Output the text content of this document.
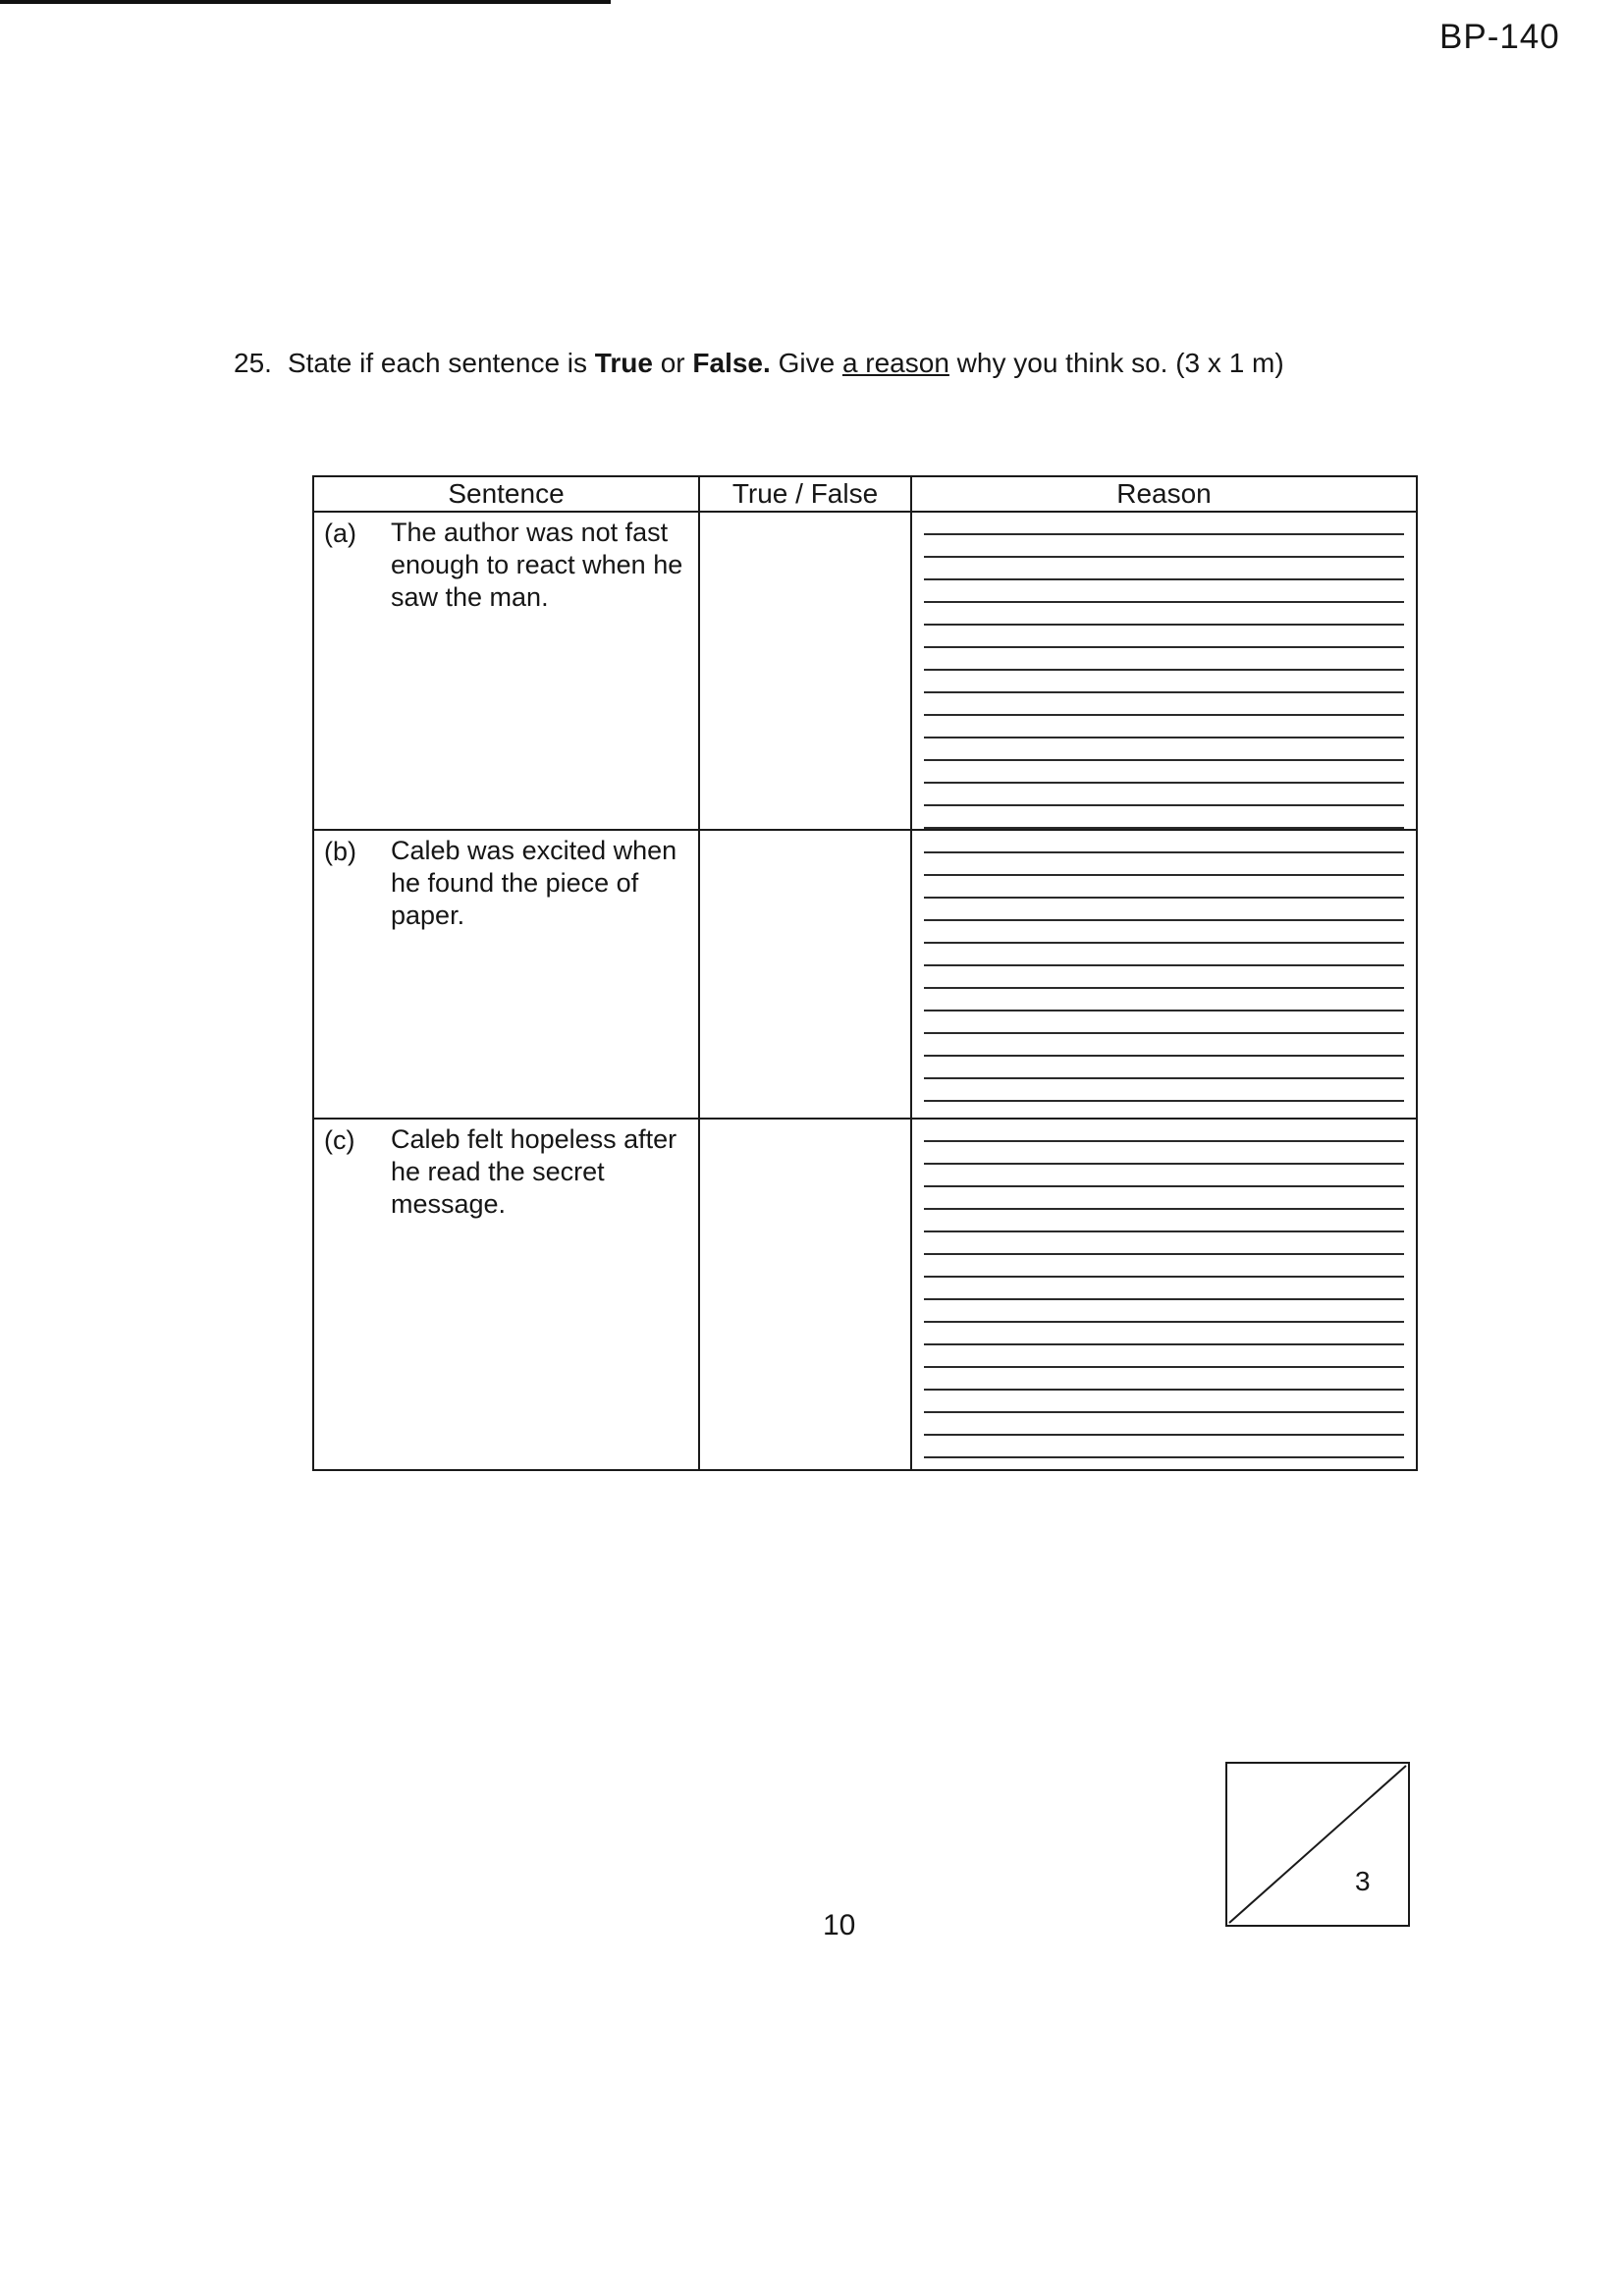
BP-140
25. State if each sentence is True or False. Give a reason why you think so. (3 x 1 m)
Sentence	True / False	Reason

(a) The author was not fast enough to react when he saw the man.		

(b) Caleb was excited when he found the piece of paper.		

(c) Caleb felt hopeless after he read the secret message.		

10
3
